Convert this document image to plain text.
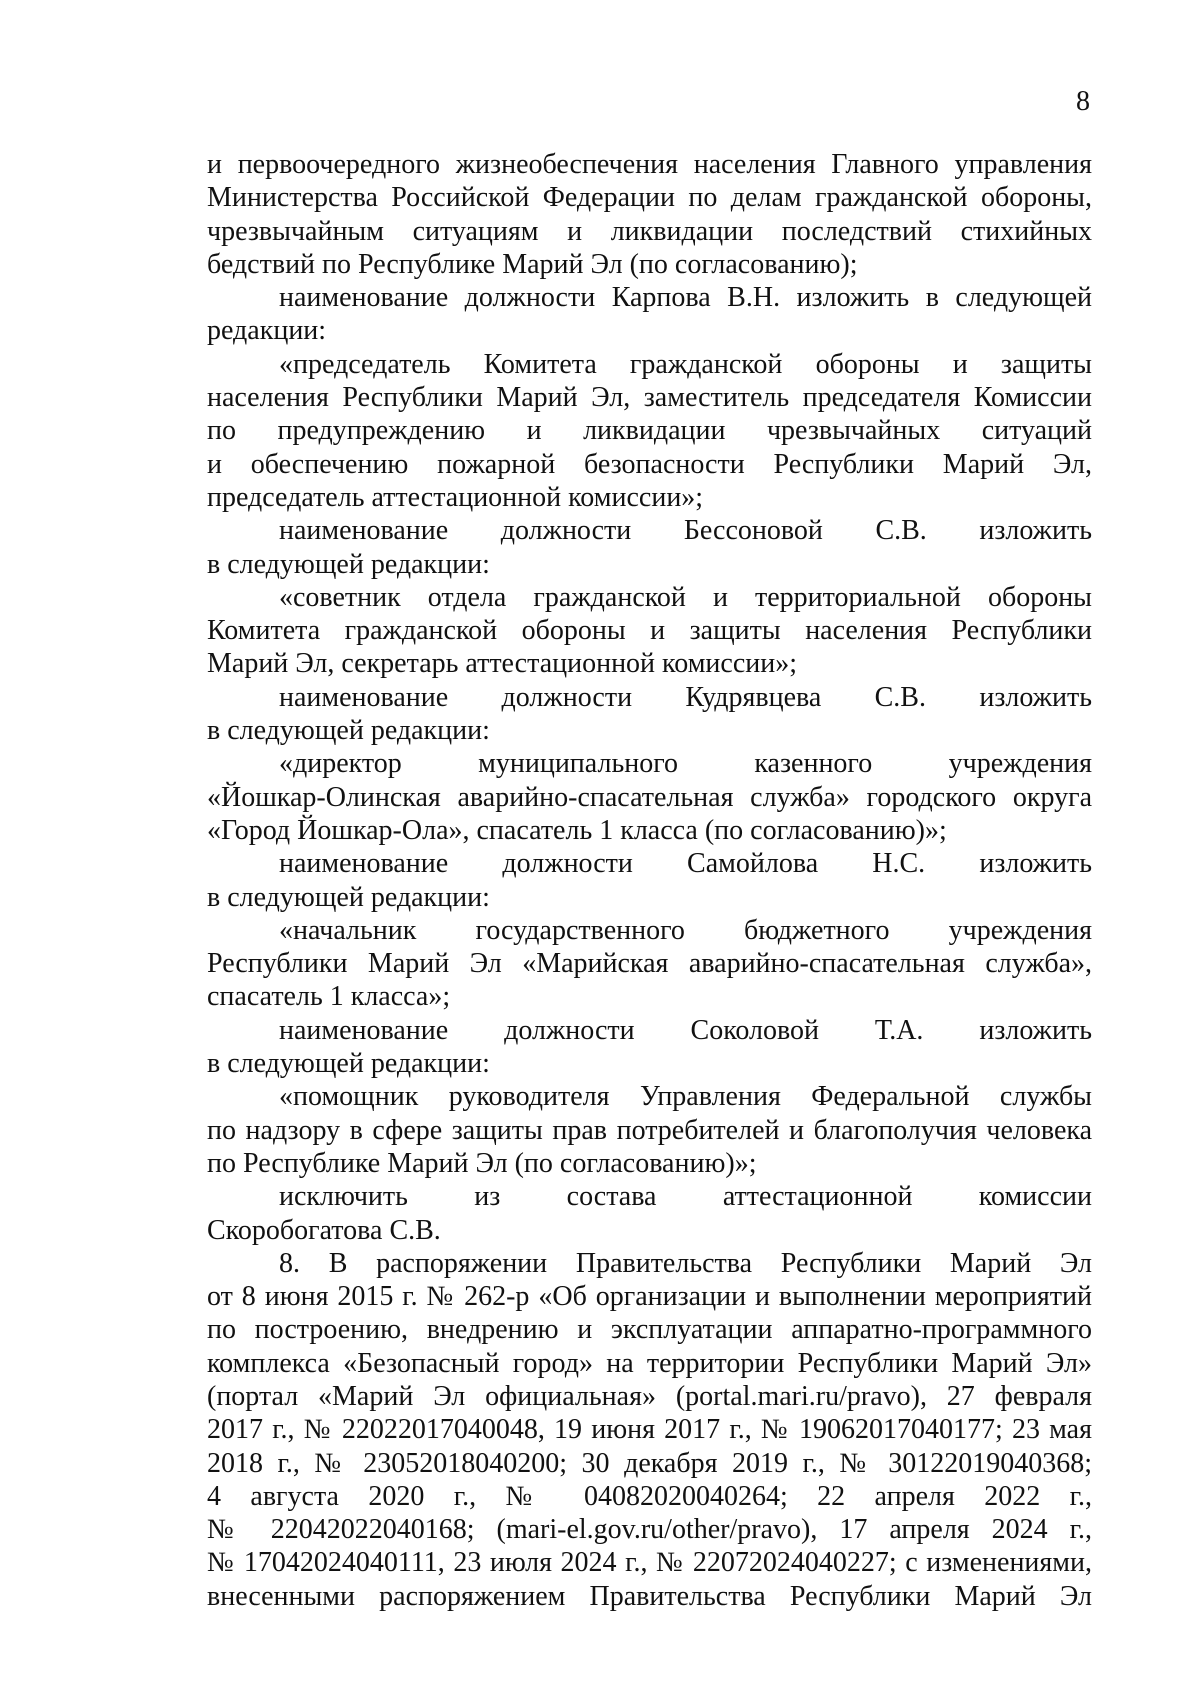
8
и первоочередного жизнеобеспечения населения Главного управления
Министерства Российской Федерации по делам гражданской обороны,
чрезвычайным ситуациям и ликвидации последствий стихийных
бедствий по Республике Марий Эл (по согласованию);
наименование должности Карпова В.Н. изложить в следующей
редакции:
«председатель Комитета гражданской обороны и защиты
населения Республики Марий Эл, заместитель председателя Комиссии
по предупреждению и ликвидации чрезвычайных ситуаций
и обеспечению пожарной безопасности Республики Марий Эл,
председатель аттестационной комиссии»;
наименование должности Бессоновой С.В. изложить
в следующей редакции:
«советник отдела гражданской и территориальной обороны
Комитета гражданской обороны и защиты населения Республики
Марий Эл, секретарь аттестационной комиссии»;
наименование должности Кудрявцева С.В. изложить
в следующей редакции:
«директор муниципального казенного учреждения
«Йошкар-Олинская аварийно-спасательная служба» городского округа
«Город Йошкар-Ола», спасатель 1 класса (по согласованию)»;
наименование должности Самойлова Н.С. изложить
в следующей редакции:
«начальник государственного бюджетного учреждения
Республики Марий Эл «Марийская аварийно-спасательная служба»,
спасатель 1 класса»;
наименование должности Соколовой Т.А. изложить
в следующей редакции:
«помощник руководителя Управления Федеральной службы
по надзору в сфере защиты прав потребителей и благополучия человека
по Республике Марий Эл (по согласованию)»;
исключить из состава аттестационной комиссии
Скоробогатова С.В.
8. В распоряжении Правительства Республики Марий Эл
от 8 июня 2015 г. № 262-р «Об организации и выполнении мероприятий
по построению, внедрению и эксплуатации аппаратно-программного
комплекса «Безопасный город» на территории Республики Марий Эл»
(портал «Марий Эл официальная» (portal.mari.ru/pravo), 27 февраля
2017 г., № 22022017040048, 19 июня 2017 г., № 19062017040177; 23 мая
2018 г., № 23052018040200; 30 декабря 2019 г., № 30122019040368;
4 августа 2020 г., № 04082020040264; 22 апреля 2022 г.,
№ 22042022040168; (mari-el.gov.ru/other/pravo), 17 апреля 2024 г.,
№ 17042024040111, 23 июля 2024 г., № 22072024040227; с изменениями,
внесенными распоряжением Правительства Республики Марий Эл
